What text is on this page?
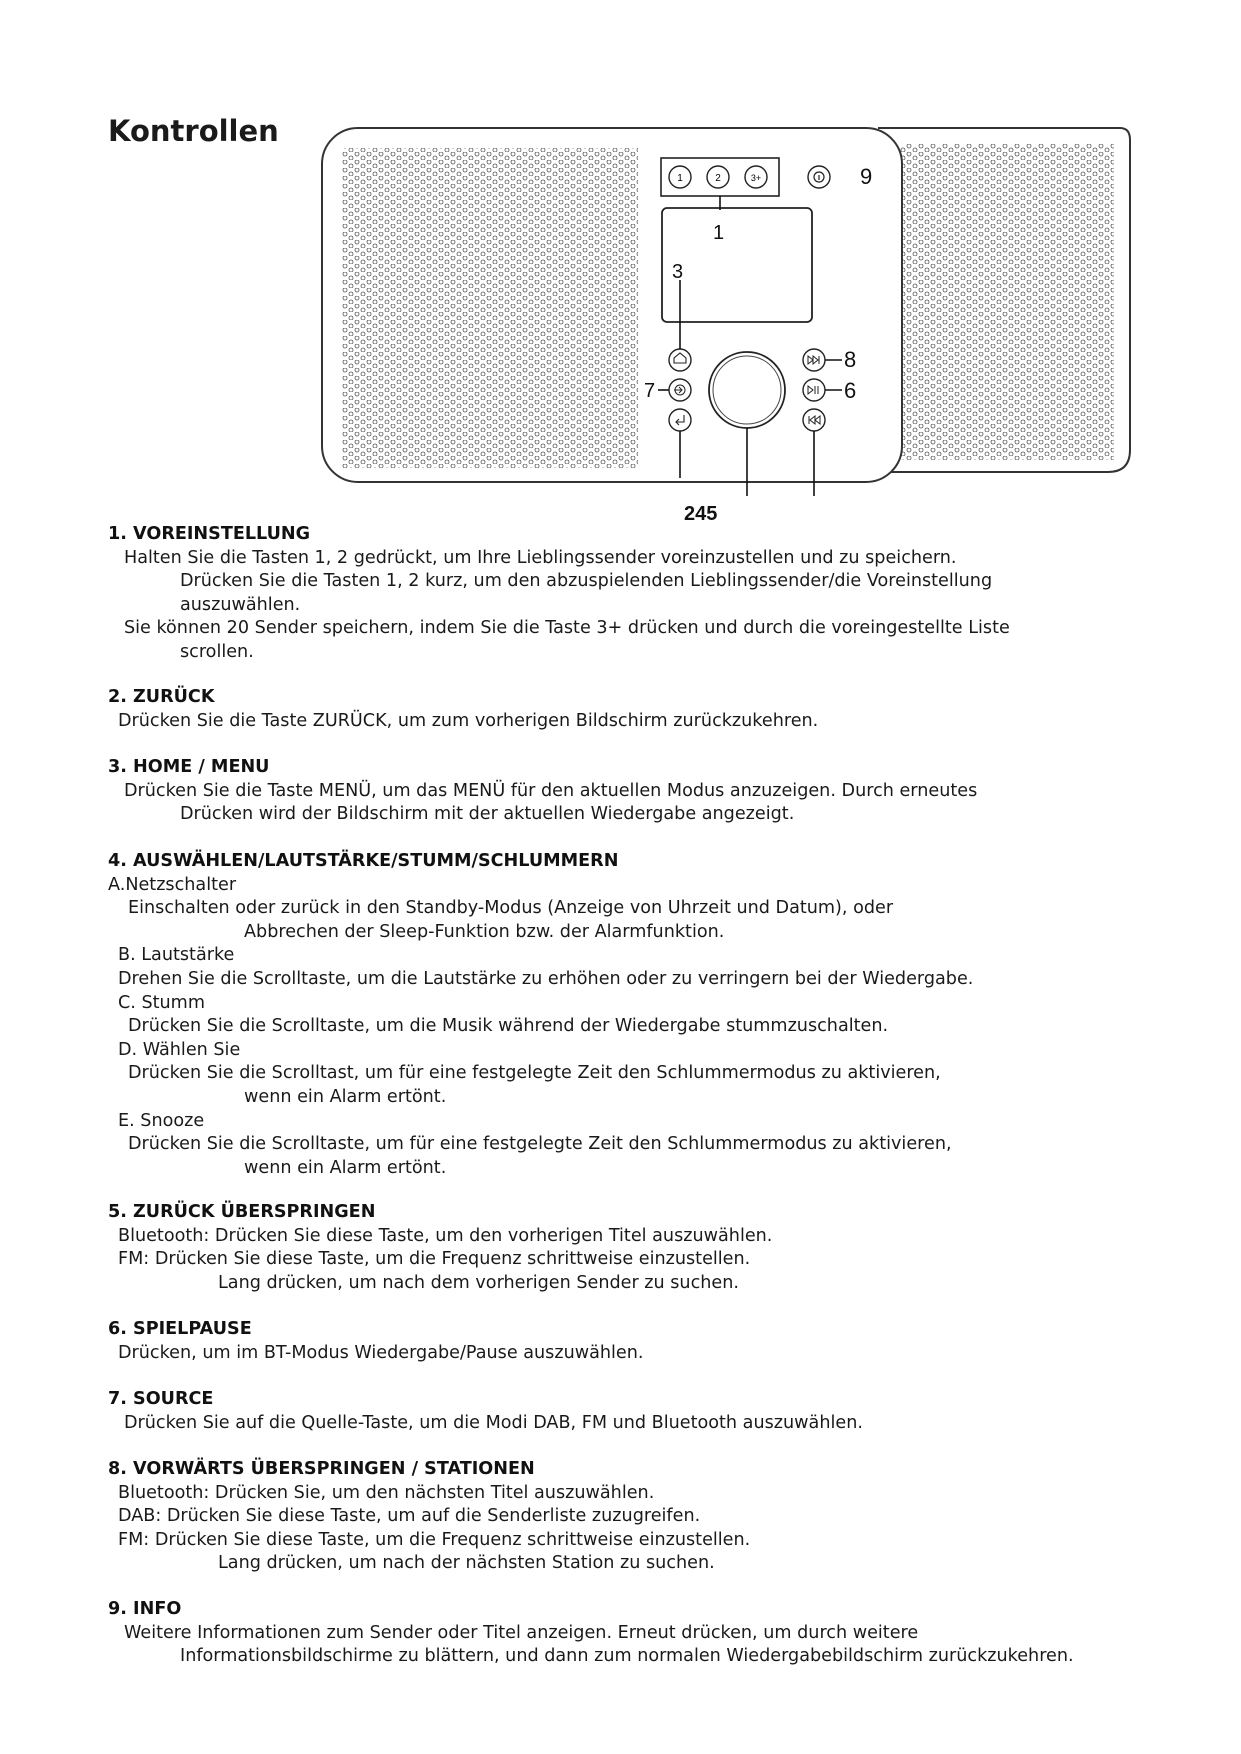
Kontrollen
1	2	3+
1
3
7
245
8
6
9
1. VOREINSTELLUNG

Halten Sie die Tasten 1, 2 gedrückt, um Ihre Lieblingssender voreinzustellen und zu speichern.

Drücken Sie die Tasten 1, 2 kurz, um den abzuspielenden Lieblingssender/die Voreinstellung

auszuwählen.

Sie können 20 Sender speichern, indem Sie die Taste 3+ drücken und durch die voreingestellte Liste

scrollen.

2. ZURÜCK

Drücken Sie die Taste ZURÜCK, um zum vorherigen Bildschirm zurückzukehren.

3. HOME / MENU

Drücken Sie die Taste MENÜ, um das MENÜ für den aktuellen Modus anzuzeigen. Durch erneutes

Drücken wird der Bildschirm mit der aktuellen Wiedergabe angezeigt.

4. AUSWÄHLEN/LAUTSTÄRKE/STUMM/SCHLUMMERN

A.Netzschalter

Einschalten oder zurück in den Standby-Modus (Anzeige von Uhrzeit und Datum), oder

Abbrechen der Sleep-Funktion bzw. der Alarmfunktion.

B. Lautstärke

Drehen Sie die Scrolltaste, um die Lautstärke zu erhöhen oder zu verringern bei der Wiedergabe.

C. Stumm

Drücken Sie die Scrolltaste, um die Musik während der Wiedergabe stummzuschalten.

D. Wählen Sie

Drücken Sie die Scrolltast, um für eine festgelegte Zeit den Schlummermodus zu aktivieren,

wenn ein Alarm ertönt.

E. Snooze

Drücken Sie die Scrolltaste, um für eine festgelegte Zeit den Schlummermodus zu aktivieren,

wenn ein Alarm ertönt.

5. ZURÜCK ÜBERSPRINGEN

Bluetooth: Drücken Sie diese Taste, um den vorherigen Titel auszuwählen.

FM: Drücken Sie diese Taste, um die Frequenz schrittweise einzustellen.

Lang drücken, um nach dem vorherigen Sender zu suchen.

6. SPIELPAUSE

Drücken, um im BT-Modus Wiedergabe/Pause auszuwählen.

7. SOURCE

Drücken Sie auf die Quelle-Taste, um die Modi DAB, FM und Bluetooth auszuwählen.

8. VORWÄRTS ÜBERSPRINGEN / STATIONEN

Bluetooth: Drücken Sie, um den nächsten Titel auszuwählen.

DAB: Drücken Sie diese Taste, um auf die Senderliste zuzugreifen.

FM: Drücken Sie diese Taste, um die Frequenz schrittweise einzustellen.

Lang drücken, um nach der nächsten Station zu suchen.

9. INFO

Weitere Informationen zum Sender oder Titel anzeigen. Erneut drücken, um durch weitere

Informationsbildschirme zu blättern, und dann zum normalen Wiedergabebildschirm zurückzukehren.
